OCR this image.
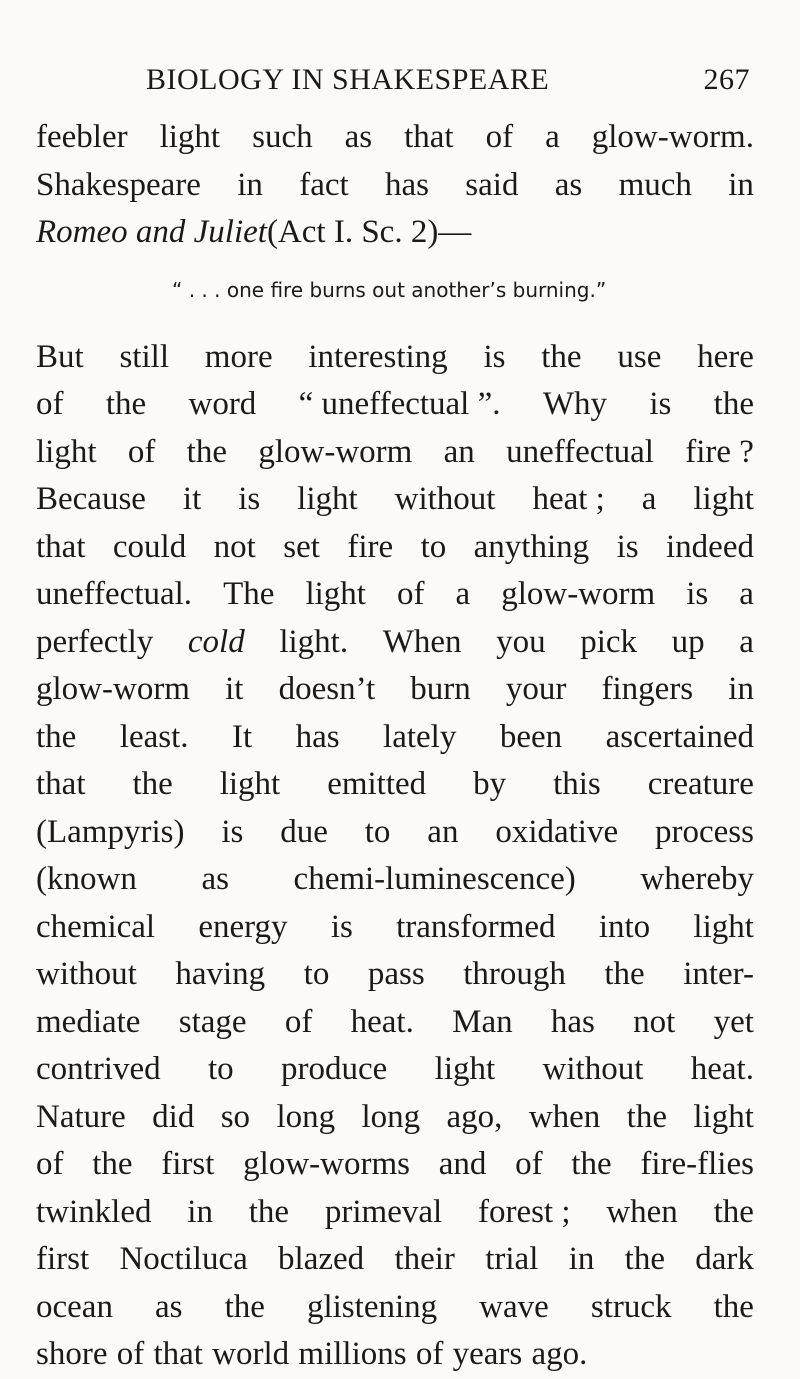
BIOLOGY IN SHAKESPEARE	267
feebler light such as that of a glow-worm.
Shakespeare in fact has said as much in
Romeo and Juliet (Act I. Sc. 2)—
“ . . . one fire burns out another’s burning.”
But still more interesting is the use here
of the word “ uneffectual ”. Why is the
light of the glow-worm an uneffectual fire ?
Because it is light without heat ; a light
that could not set fire to anything is indeed
uneffectual. The light of a glow-worm is a
perfectly cold light. When you pick up a
glow-worm it doesn’t burn your fingers in
the least. It has lately been ascertained
that the light emitted by this creature
(Lampyris) is due to an oxidative process
(known as chemi-luminescence) whereby
chemical energy is transformed into light
without having to pass through the inter-
mediate stage of heat. Man has not yet
contrived to produce light without heat.
Nature did so long long ago, when the light
of the first glow-worms and of the fire-flies
twinkled in the primeval forest ; when the
first Noctiluca blazed their trial in the dark
ocean as the glistening wave struck the
shore of that world millions of years ago.
